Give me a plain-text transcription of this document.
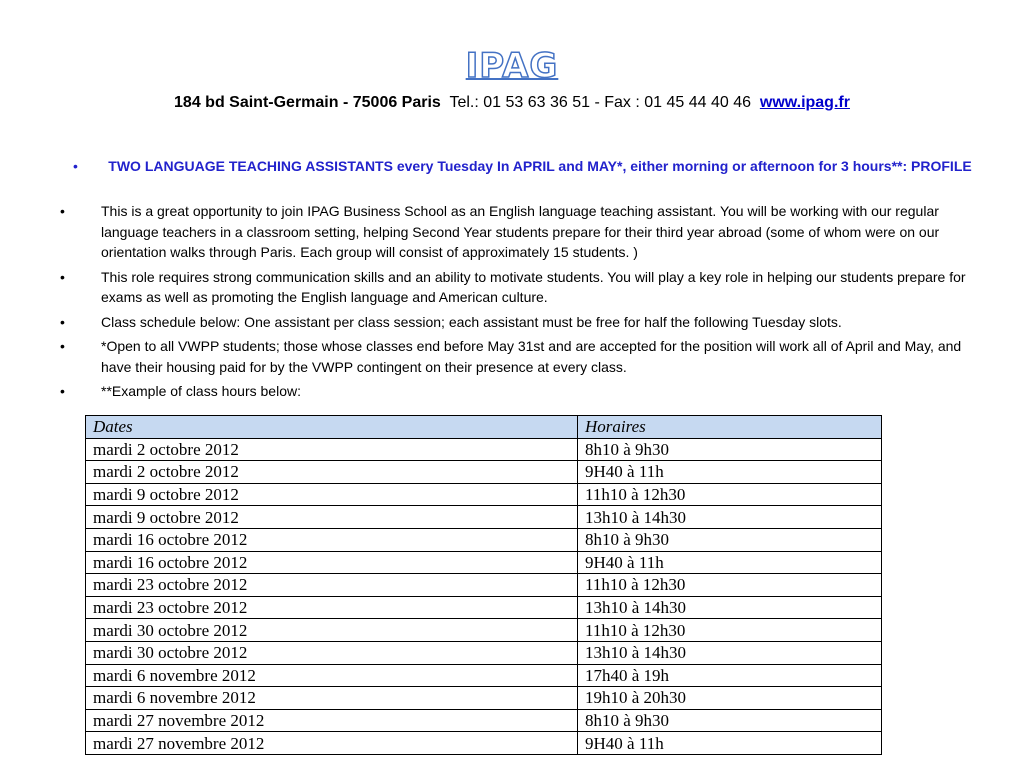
IPAG
184 bd Saint-Germain - 75006 Paris Tel.: 01 53 63 36 51 - Fax : 01 45 44 40 46 www.ipag.fr
•	TWO LANGUAGE TEACHING ASSISTANTS every Tuesday In APRIL and MAY*, either morning or afternoon for 3 hours**: PROFILE
•	This is a great opportunity to join IPAG Business School as an English language teaching assistant. You will be working with our regular language teachers in a classroom setting, helping Second Year students prepare for their third year abroad (some of whom were on our orientation walks through Paris. Each group will consist of approximately 15 students. )
•	This role requires strong communication skills and an ability to motivate students. You will play a key role in helping our students prepare for exams as well as promoting the English language and American culture.
•	Class schedule below: One assistant per class session; each assistant must be free for half the following Tuesday slots.
•	*Open to all VWPP students; those whose classes end before May 31st and are accepted for the position will work all of April and May, and have their housing paid for by the VWPP contingent on their presence at every class.
•	**Example of class hours below:
Dates	Horaires
mardi 2 octobre 2012	8h10 à 9h30
mardi 2 octobre 2012	9H40 à 11h
mardi 9 octobre 2012	11h10 à 12h30
mardi 9 octobre 2012	13h10 à 14h30
mardi 16 octobre 2012	8h10 à 9h30
mardi 16 octobre 2012	9H40 à 11h
mardi 23 octobre 2012	11h10 à 12h30
mardi 23 octobre 2012	13h10 à 14h30
mardi 30 octobre 2012	11h10 à 12h30
mardi 30 octobre 2012	13h10 à 14h30
mardi 6 novembre 2012	17h40 à 19h
mardi 6 novembre 2012	19h10 à 20h30
mardi 27 novembre 2012	8h10 à 9h30
mardi 27 novembre 2012	9H40 à 11h
